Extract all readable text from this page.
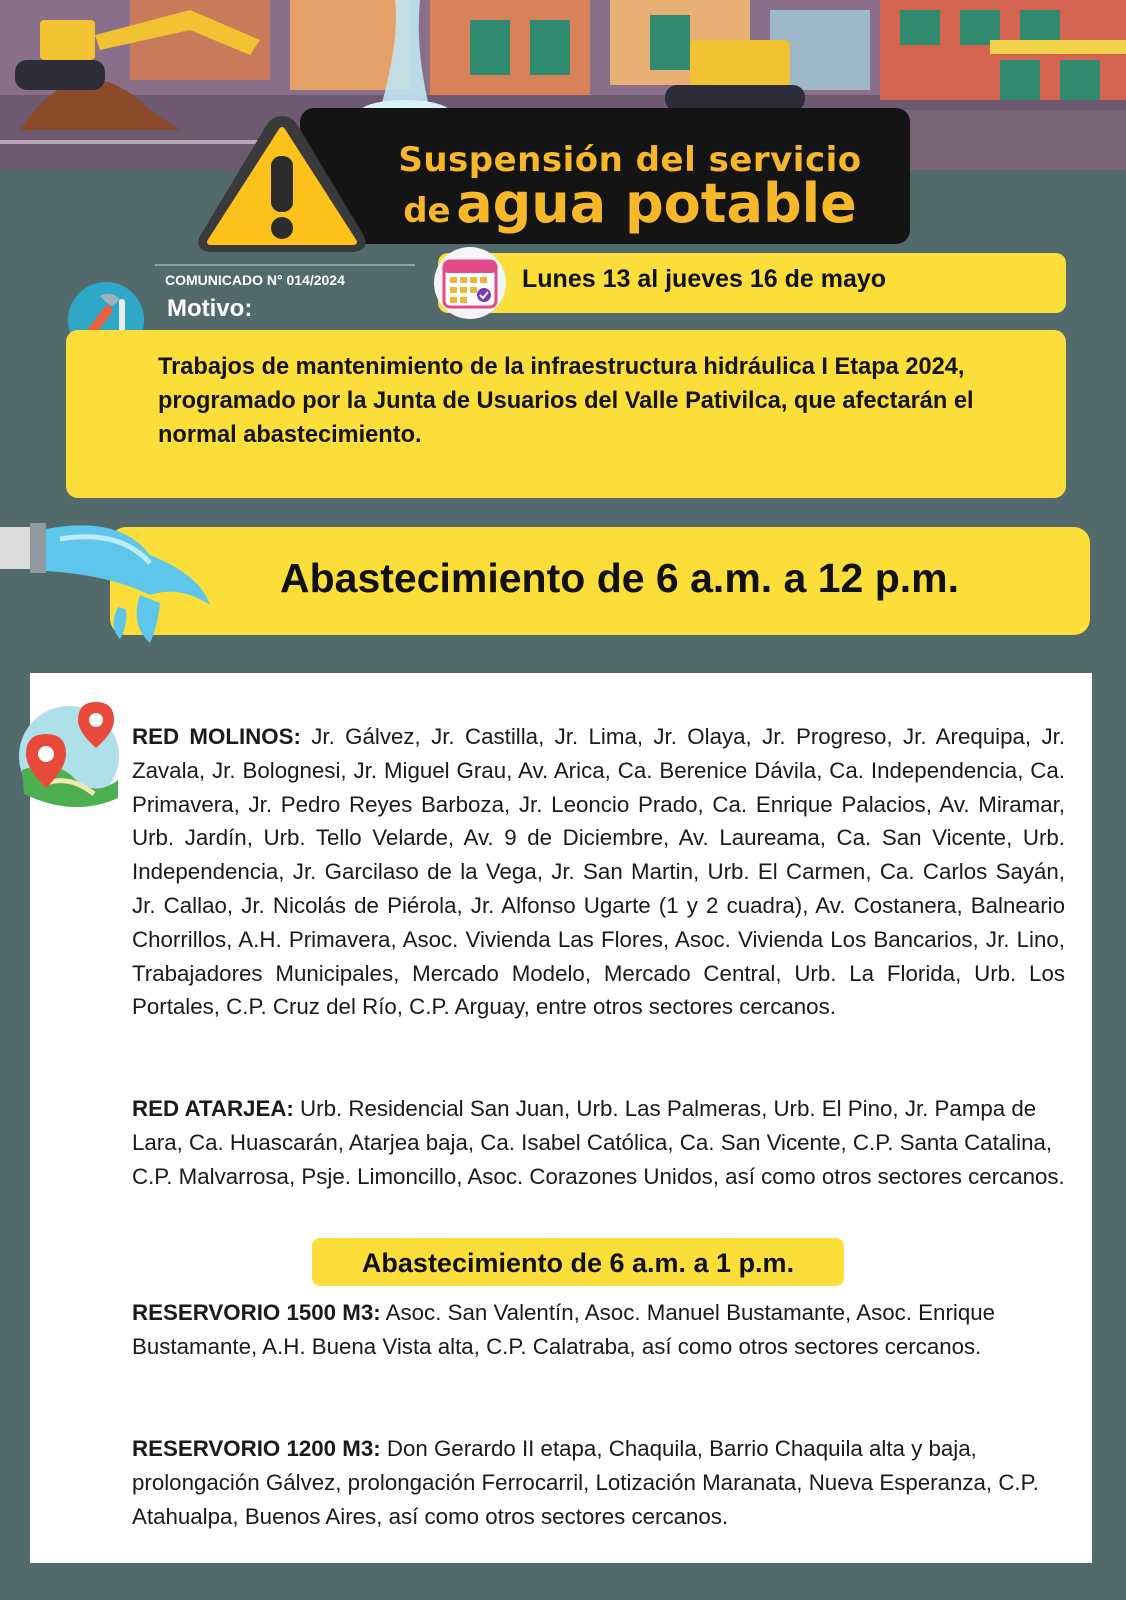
Suspensión del servicio
de agua potable
COMUNICADO N° 014/2024	Lunes 13 al jueves 16 de mayo
Motivo:
Trabajos de mantenimiento de la infraestructura hidráulica I Etapa 2024, programado por la Junta de Usuarios del Valle Pativilca, que afectarán el normal abastecimiento.
Abastecimiento de 6 a.m. a 12 p.m.
RED MOLINOS: Jr. Gálvez, Jr. Castilla, Jr. Lima, Jr. Olaya, Jr. Progreso, Jr. Arequipa, Jr. Zavala, Jr. Bolognesi, Jr. Miguel Grau, Av. Arica, Ca. Berenice Dávila, Ca. Independencia, Ca. Primavera, Jr. Pedro Reyes Barboza, Jr. Leoncio Prado, Ca. Enrique Palacios, Av. Miramar, Urb. Jardín, Urb. Tello Velarde, Av. 9 de Diciembre, Av. Laureama, Ca. San Vicente, Urb. Independencia, Jr. Garcilaso de la Vega, Jr. San Martin, Urb. El Carmen, Ca. Carlos Sayán, Jr. Callao, Jr. Nicolás de Piérola, Jr. Alfonso Ugarte (1 y 2 cuadra), Av. Costanera, Balneario Chorrillos, A.H. Primavera, Asoc. Vivienda Las Flores, Asoc. Vivienda Los Bancarios, Jr. Lino, Trabajadores Municipales, Mercado Modelo, Mercado Central, Urb. La Florida, Urb. Los Portales, C.P. Cruz del Río, C.P. Arguay, entre otros sectores cercanos.
RED ATARJEA: Urb. Residencial San Juan, Urb. Las Palmeras, Urb. El Pino, Jr. Pampa de Lara, Ca. Huascarán, Atarjea baja, Ca. Isabel Católica, Ca. San Vicente, C.P. Santa Catalina, C.P. Malvarrosa, Psje. Limoncillo, Asoc. Corazones Unidos, así como otros sectores cercanos.
Abastecimiento de 6 a.m. a 1 p.m.
RESERVORIO 1500 M3: Asoc. San Valentín, Asoc. Manuel Bustamante, Asoc. Enrique Bustamante, A.H. Buena Vista alta, C.P. Calatraba, así como otros sectores cercanos.
RESERVORIO 1200 M3: Don Gerardo II etapa, Chaquila, Barrio Chaquila alta y baja, prolongación Gálvez, prolongación Ferrocarril, Lotización Maranata, Nueva Esperanza, C.P. Atahualpa, Buenos Aires, así como otros sectores cercanos.
